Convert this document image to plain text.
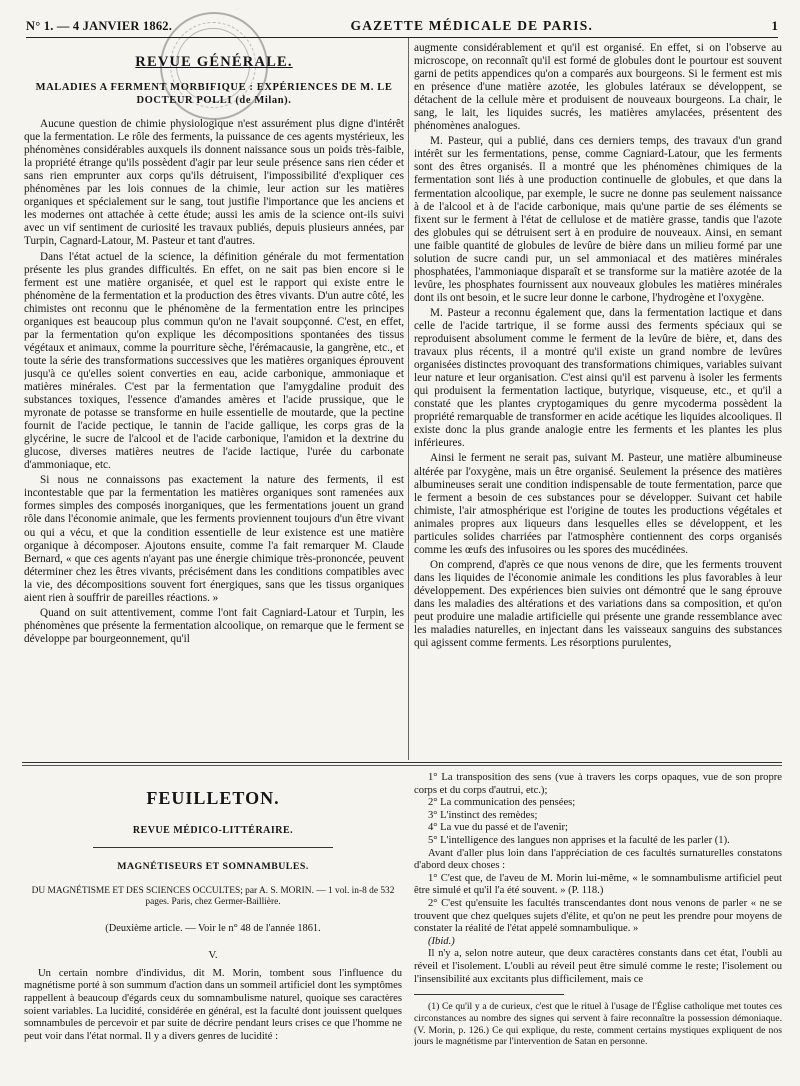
N° 1. — 4 JANVIER 1862.	GAZETTE MÉDICALE DE PARIS.	1
REVUE GÉNÉRALE.
MALADIES A FERMENT MORBIFIQUE : EXPÉRIENCES DE M. LE DOCTEUR POLLI (de Milan).

Aucune question de chimie physiologique n'est assurément plus digne d'intérêt que la fermentation. Le rôle des ferments, la puissance de ces agents mystérieux, les phénomènes considérables auxquels ils donnent naissance sous un poids très-faible, la propriété étrange qu'ils possèdent d'agir par leur seule présence sans rien céder et sans rien emprunter aux corps qu'ils détruisent, l'impossibilité d'expliquer ces phénomènes par les lois connues de la chimie, leur action sur les matières organiques et spécialement sur le sang, tout justifie l'importance que les anciens et les modernes ont attachée à cette étude; aussi les amis de la science ont-ils suivi avec un vif sentiment de curiosité les travaux publiés, depuis plusieurs années, par Turpin, Cagnard-Latour, M. Pasteur et tant d'autres.

Dans l'état actuel de la science, la définition générale du mot fermentation présente les plus grandes difficultés. En effet, on ne sait pas bien encore si le ferment est une matière organisée, et quel est le rapport qui existe entre le phénomène de la fermentation et la production des êtres vivants. D'un autre côté, les chimistes ont reconnu que le phénomène de la fermentation entre les principes organiques est beaucoup plus commun qu'on ne l'avait soupçonné. C'est, en effet, par la fermentation qu'on explique les décompositions spontanées des tissus végétaux et animaux, comme la pourriture sèche, l'érémacausie, la gangrène, etc., et toute la série des transformations successives que les matières organiques éprouvent jusqu'à ce qu'elles soient converties en eau, acide carbonique, ammoniaque et matières minérales. C'est par la fermentation que l'amygdaline produit des substances toxiques, l'essence d'amandes amères et l'acide prussique, que le myronate de potasse se transforme en huile essentielle de moutarde, que la pectine fournit de l'acide pectique, le tannin de l'acide gallique, les corps gras de la glycérine, le sucre de l'alcool et de l'acide carbonique, l'amidon et la dextrine du glucose, diverses matières neutres de l'acide lactique, l'urée du carbonate d'ammoniaque, etc.

Si nous ne connaissons pas exactement la nature des ferments, il est incontestable que par la fermentation les matières organiques sont ramenées aux formes simples des composés inorganiques, que les fermentations jouent un grand rôle dans l'économie animale, que les ferments proviennent toujours d'un être vivant ou qui a vécu, et que la condition essentielle de leur existence est une matière organique à décomposer. Ajoutons ensuite, comme l'a fait remarquer M. Claude Bernard, « que ces agents n'ayant pas une énergie chimique très-prononcée, peuvent déterminer chez les êtres vivants, précisément dans les conditions compatibles avec la vie, des décompositions souvent fort énergiques, sans que les tissus organiques aient rien à souffrir de pareilles réactions. »

Quand on suit attentivement, comme l'ont fait Cagniard-Latour et Turpin, les phénomènes que présente la fermentation alcoolique, on remarque que le ferment se développe par bourgeonnement, qu'il

augmente considérablement et qu'il est organisé. En effet, si on l'observe au microscope, on reconnaît qu'il est formé de globules dont le pourtour est souvent garni de petits appendices qu'on a comparés aux bourgeons. Si le ferment est mis en présence d'une matière azotée, les globules latéraux se développent, se détachent de la cellule mère et produisent de nouveaux bourgeons. La chair, le sang, le lait, les liquides sucrés, les matières amylacées, présentent des phénomènes analogues.

M. Pasteur, qui a publié, dans ces derniers temps, des travaux d'un grand intérêt sur les fermentations, pense, comme Cagniard-Latour, que les ferments sont des êtres organisés. Il a montré que les phénomènes chimiques de la fermentation sont liés à une production continuelle de globules, et que dans la fermentation alcoolique, par exemple, le sucre ne donne pas seulement naissance à de l'alcool et à de l'acide carbonique, mais qu'une partie de ses éléments se fixent sur le ferment à l'état de cellulose et de matière grasse, tandis que l'azote des globules qui se détruisent sert à en produire de nouveaux. Ainsi, en semant une faible quantité de globules de levûre de bière dans un milieu formé par une solution de sucre candi pur, un sel ammoniacal et des matières minérales phosphatées, l'ammoniaque disparaît et se transforme sur la matière azotée de la levûre, les phosphates fournissent aux nouveaux globules les matières minérales dont ils ont besoin, et le sucre leur donne le carbone, l'hydrogène et l'oxygène.

M. Pasteur a reconnu également que, dans la fermentation lactique et dans celle de l'acide tartrique, il se forme aussi des ferments spéciaux qui se reproduisent absolument comme le ferment de la levûre de bière, et, dans des travaux plus récents, il a montré qu'il existe un grand nombre de levûres organisées distinctes provoquant des transformations chimiques, variables suivant leur nature et leur organisation. C'est ainsi qu'il est parvenu à isoler les ferments qui produisent la fermentation lactique, butyrique, visqueuse, etc., et qu'il a constaté que les plantes cryptogamiques du genre mycoderma possèdent la propriété remarquable de transformer en acide acétique les liquides alcooliques. Il existe donc la plus grande analogie entre les ferments et les plantes les plus inférieures.

Ainsi le ferment ne serait pas, suivant M. Pasteur, une matière albumineuse altérée par l'oxygène, mais un être organisé. Seulement la présence des matières albumineuses serait une condition indispensable de toute fermentation, parce que le ferment a besoin de ces substances pour se développer. Suivant cet habile chimiste, l'air atmosphérique est l'origine de toutes les productions végétales et animales propres aux liqueurs dans lesquelles elles se développent, et les particules solides charriées par l'atmosphère contiennent des corps organisés comme les œufs des infusoires ou les spores des mucédinées.

On comprend, d'après ce que nous venons de dire, que les ferments trouvent dans les liquides de l'économie animale les conditions les plus favorables à leur développement. Des expériences bien suivies ont démontré que le sang éprouve dans les maladies des altérations et des variations dans sa composition, et qu'on peut produire une maladie artificielle qui présente une grande ressemblance avec les maladies naturelles, en injectant dans les vaisseaux sanguins des substances qui agissent comme ferments. Les résorptions purulentes,

FEUILLETON.
REVUE MÉDICO-LITTÉRAIRE.
MAGNÉTISEURS ET SOMNAMBULES.
DU MAGNÉTISME ET DES SCIENCES OCCULTES; par A. S. MORIN. — 1 vol. in-8 de 532 pages. Paris, chez Germer-Baillière.
(Deuxième article. — Voir le n° 48 de l'année 1861.
V.

Un certain nombre d'individus, dit M. Morin, tombent sous l'influence du magnétisme porté à son summum d'action dans un sommeil artificiel dont les symptômes rappellent à beaucoup d'égards ceux du somnambulisme naturel, quoique ses caractères soient variables. La lucidité, considérée en général, est la faculté dont jouissent quelques somnambules de percevoir et par suite de décrire pendant leurs crises ce que l'homme ne peut voir dans l'état normal. Il y a divers genres de lucidité :

1° La transposition des sens (vue à travers les corps opaques, vue de son propre corps et du corps d'autrui, etc.);
2° La communication des pensées;
3° L'instinct des remèdes;
4° La vue du passé et de l'avenir;
5° L'intelligence des langues non apprises et la faculté de les parler (1).

Avant d'aller plus loin dans l'appréciation de ces facultés surnaturelles constatons d'abord deux choses :

1° C'est que, de l'aveu de M. Morin lui-même, « le somnambulisme artificiel peut être simulé et qu'il l'a été souvent. » (P. 118.)

2° C'est qu'ensuite les facultés transcendantes dont nous venons de parler « ne se trouvent que chez quelques sujets d'élite, et qu'on ne peut les prendre pour moyens de constater la réalité de l'état appelé somnambulique. »

(Ibid.)

Il n'y a, selon notre auteur, que deux caractères constants dans cet état, l'oubli au réveil et l'isolement. L'oubli au réveil peut être simulé comme le reste; l'isolement ou l'insensibilité aux excitants plus difficilement, mais ce

(1) Ce qu'il y a de curieux, c'est que le rituel à l'usage de l'Église catholique met toutes ces circonstances au nombre des signes qui servent à faire reconnaître la possession démoniaque. (V. Morin, p. 126.) Ce qui explique, du reste, comment certains mystiques expliquent de nos jours le magnétisme par l'intervention de Satan en personne.
